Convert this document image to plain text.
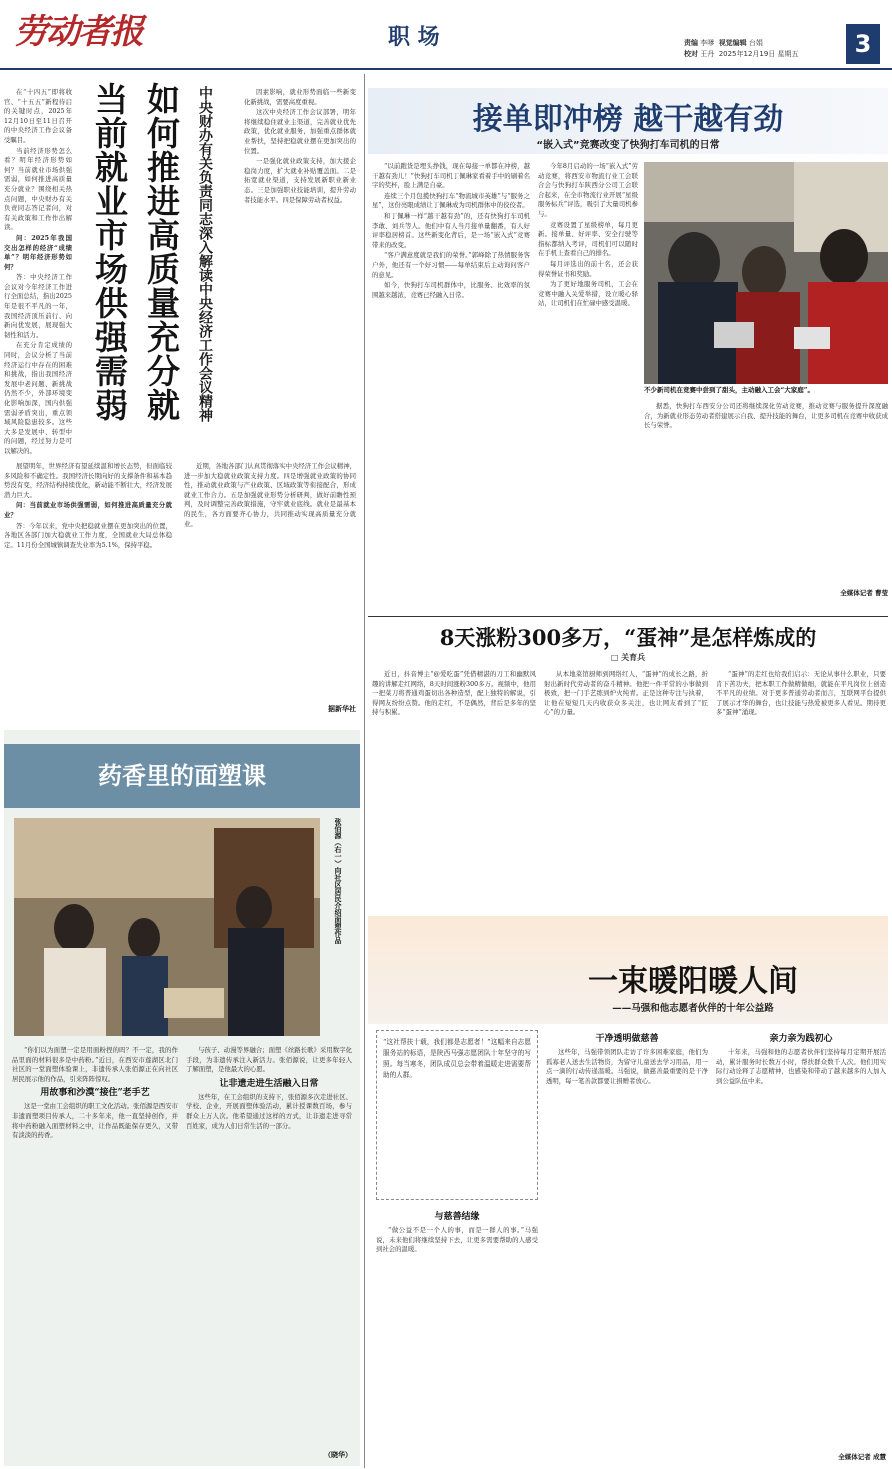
劳动者报	职 场	责编 李嗲 视觉编辑 台娟
校对 王丹 2025年12月19日 星期五	3

在“十四五”即将收官、“十五五”新程待启的关键时点，2025年12月10日至11日召开的中央经济工作会议备受瞩目。

当前经济形势怎么看？明年经济形势如何？当前就业市场供强需弱，如何推进高质量充分就业？围绕相关热点问题，中央财办有关负责同志答记者问，对有关政策和工作作出解读。

问：2025年我国交出怎样的经济“成绩单”？明年经济形势如何？

答：中央经济工作会议对今年经济工作进行全面总结，指出2025年是很不平凡的一年，我国经济顶压前行、向新向优发展，展现强大韧性和活力。

在充分肯定成绩的同时，会议分析了当前经济运行中存在的困难和挑战，指出我国经济发展中老问题、新挑战仍然不少，外部环境变化影响加深，国内供强需弱矛盾突出，重点领域风险隐患较多。这些大多是发展中、转型中的问题，经过努力是可以解决的。

当前就业市场供强需弱 如何推进高质量充分就	中央财办有关负责同志深入解读中央经济工作会议精神	因素影响，就业形势面临一些新变化新挑战，需要高度重视。

这次中央经济工作会议部署，明年将继续稳住就业主渠道，完善就业优先政策，优化就业服务，加强重点群体就业帮扶，坚持把稳就业摆在更加突出的位置。

一是强化就业政策支持，加大援企稳岗力度，扩大就业补贴覆盖面。二是拓宽就业渠道，支持发展新职业新业态。三是加强职业技能培训，提升劳动者技能水平。四是保障劳动者权益。

展望明年，世界经济有望延续温和增长态势，但面临较多风险和不确定性。我国经济长期向好的支撑条件和基本趋势没有变，经济结构持续优化，新动能不断壮大，经济发展潜力巨大。

问：当前就业市场供强需弱，如何推进高质量充分就业？

答：今年以来，党中央把稳就业摆在更加突出的位置，各地区各部门加大稳就业工作力度，全国就业大局总体稳定。11月份全国城镇调查失业率为5.1%，保持平稳。

近期，各地各部门认真贯彻落实中央经济工作会议精神，进一步加大稳就业政策支持力度。四是增强就业政策的协同性，推动就业政策与产业政策、区域政策等衔接配合，形成就业工作合力。五是加强就业形势分析研判，做好前瞻性预判，及时调整完善政策措施，守牢就业底线。就业是最基本的民生，各方面要齐心协力，共同推动实现高质量充分就业。

据新华社
接单即冲榜 越干越有劲
“嵌入式”竞赛改变了快狗打车司机的日常

“以前跑货是埋头挣钱，现在每接一单都在冲榜，越干越有劲儿！”快狗打车司机丁佩琳家看着手中的刷着名字的奖杯，脸上满是自豪。

连续三个月包揽快狗打车“物流城市英雄”与“服务之星”，这份亮眼成绩让丁佩琳成为司机群体中的佼佼者。

和丁佩琳一样“越干越有劲”的，还有快狗打车司机李敢、刘兵等人。他们中有人当月接单量翻番，有人好评率稳居榜首。这些新变化背后，是一场“嵌入式”竞赛带来的改变。

“客户满意度就是我们的荣誉。”郭峰除了热情服务客户外，他还有一个好习惯——每单结束后主动询问客户的意见。

如今，快狗打车司机群体中，比服务、比效率的氛围越来越浓，竞赛已经融入日常。

今年8月启动的一场“嵌入式”劳动竞赛，将西安市物流行业工会联合会与快狗打车陕西分公司工会联合起来，在全市物流行业开展“星级服务标兵”评选，吸引了大量司机参与。

竞赛设置了星级榜单，每月更新。接单量、好评率、安全行驶等指标都纳入考评，司机们可以随时在手机上查看自己的排名。

每月评选出的前十名，还会获得荣誉证书和奖励。

为了更好地服务司机，工会在竞赛中融入关爱举措，设立暖心驿站，让司机们在忙碌中感受温暖。

不少新司机在竞赛中尝到了甜头，主动融入工会“大家庭”。

据悉，快狗打车西安分公司还将继续深化劳动竞赛，推动竞赛与服务提升深度融合，为新就业形态劳动者搭建展示自我、提升技能的舞台，让更多司机在竞赛中收获成长与荣誉。

全媒体记者 曹莹
8天涨粉300多万，“蛋神”是怎样炼成的
□ 关育兵

近日，抖音博主“@爱吃蛋”凭借精湛的刀工和幽默风趣的讲解走红网络，8天时间涨粉300多万。视频中，他用一把菜刀将普通鸡蛋切出各种造型，配上独特的解说，引得网友纷纷点赞。他的走红，不是偶然，背后是多年的坚持与积累。

从本地菜馆厨师到网络红人，“蛋神”的成长之路，折射出新时代劳动者的奋斗精神。他把一件平常的小事做到极致，把一门手艺练到炉火纯青。正是这种专注与执着，让他在短短几天内收获众多关注，也让网友看到了“匠心”的力量。

“蛋神”的走红也给我们启示：无论从事什么职业，只要肯下苦功夫，把本职工作做精做细，就能在平凡岗位上创造不平凡的业绩。对于更多普通劳动者而言，互联网平台提供了展示才华的舞台，也让技能与热爱被更多人看见。期待更多“蛋神”涌现。

药香里的面塑课
张佰源（右一）向社区居民介绍面塑作品

“你们以为面塑一定是用面粉捏的吗？不一定，我的作品里面的材料很多是中药粉。”近日，在西安市莲湖区北门社区的一堂面塑体验课上，非遗传承人张佰源正在向社区居民展示他的作品，引来阵阵惊叹。

用故事和沙漠“接住”老手艺

这是一堂由工会组织的职工文化活动。张佰源是西安市非遗面塑项目传承人，二十多年来，他一直坚持创作，并将中药粉融入面塑材料之中，让作品既能保存更久，又带有淡淡的药香。

与孩子、动漫等界融合；面塑《丝路长歌》采用数字化手段，为非遗传承注入新活力。张佰源说，让更多年轻人了解面塑，是他最大的心愿。

让非遗走进生活融入日常

这些年，在工会组织的支持下，张佰源多次走进社区、学校、企业，开展面塑体验活动，累计授课数百场，参与群众上万人次。他希望通过这样的方式，让非遗走进寻常百姓家，成为人们日常生活的一部分。

（晓华）
一束暖阳暖人间
——马强和他志愿者伙伴的十年公益路
“这社帮扶十载，我们都是志愿者！”这幅来自志愿服务站的标语，是陕西马强志愿团队十年坚守的写照。每当寒冬，团队成员总会带着温暖走进需要帮助的人群。
与慈善结缘

“做公益不是一个人的事，而是一群人的事。”马强说，未来他们将继续坚持下去，让更多需要帮助的人感受到社会的温暖。

干净透明做慈善

这些年，马强带领团队走访了许多困难家庭，他们为孤寡老人送去生活物资，为留守儿童送去学习用品，用一点一滴的行动传递温暖。马强说，做慈善最重要的是干净透明，每一笔善款都要让捐赠者放心。

亲力亲为践初心

十年来，马强和他的志愿者伙伴们坚持每月定期开展活动，累计服务时长数万小时，帮扶群众数千人次。他们用实际行动诠释了志愿精神，也感染和带动了越来越多的人加入到公益队伍中来。

全媒体记者 成慧
